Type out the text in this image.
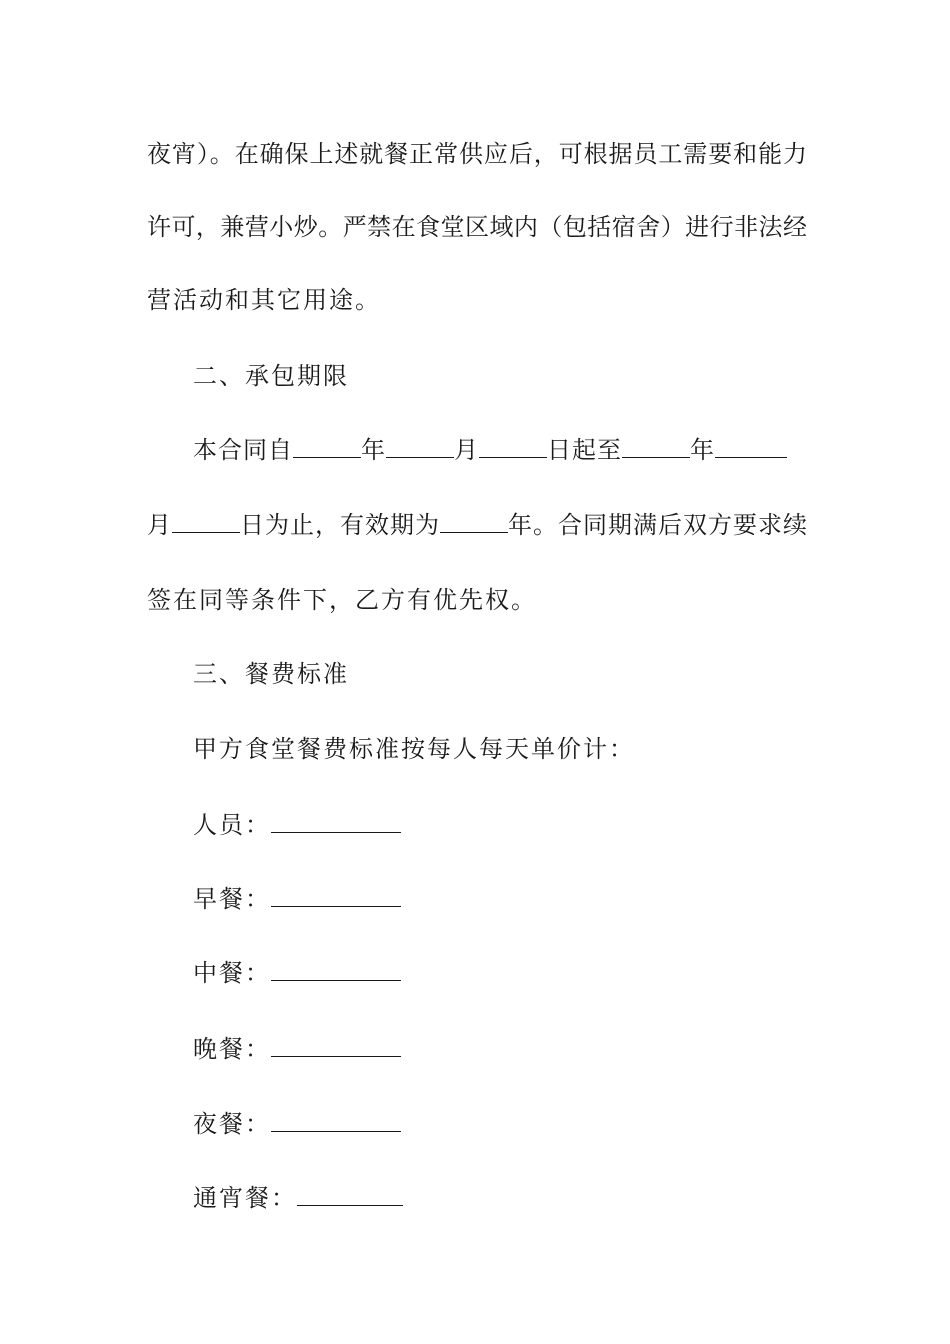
夜宵）。在确保上述就餐正常供应后，可根据员工需要和能力
许可，兼营小炒。严禁在食堂区域内（包括宿舍）进行非法经
营活动和其它用途。
二、承包期限
本合同自	年	月	日起至	年
月	日为止，有效期为	年。合同期满后双方要求续
签在同等条件下，乙方有优先权。
三、餐费标准
甲方食堂餐费标准按每人每天单价计：
人员：
早餐：
中餐：
晚餐：
夜餐：
通宵餐：
